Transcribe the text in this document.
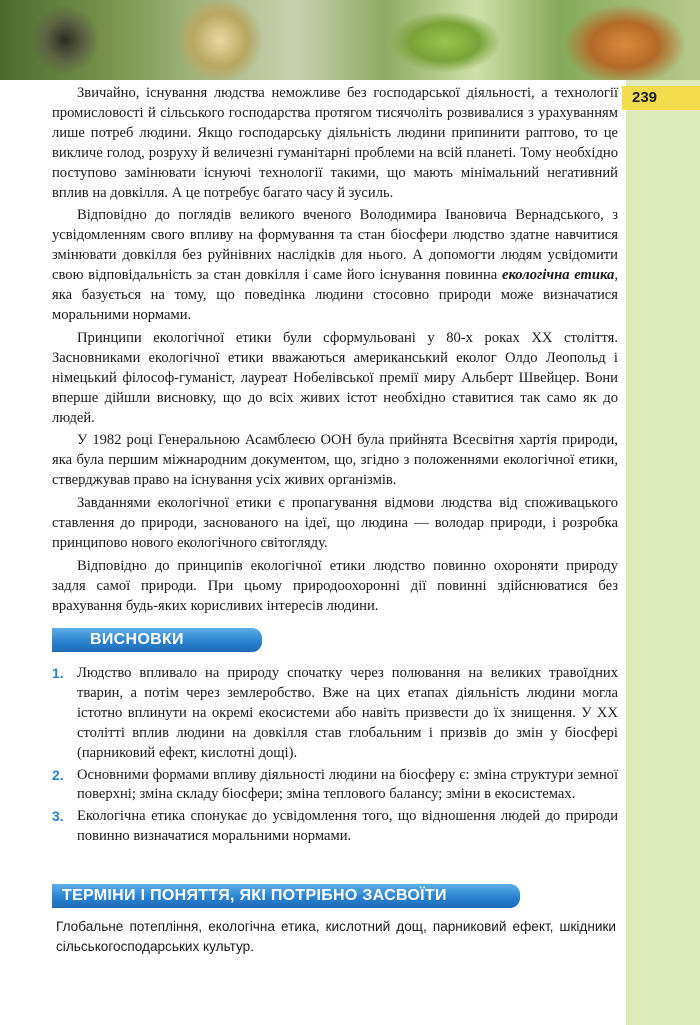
239

Звичайно, існування людства неможливе без господарської діяльності, а технології промисловості й сільського господарства протягом тисячоліть розвивалися з урахуванням лише потреб людини. Якщо господарську діяльність людини припинити раптово, то це викличе голод, розруху й величезні гуманітарні проблеми на всій планеті. Тому необхідно поступово замінювати існуючі технології такими, що мають мінімальний негативний вплив на довкілля. А це потребує багато часу й зусиль.

Відповідно до поглядів великого вченого Володимира Івановича Вернадського, з усвідомленням свого впливу на формування та стан біосфери людство здатне навчитися змінювати довкілля без руйнівних наслідків для нього. А допомогти людям усвідомити свою відповідальність за стан довкілля і саме його існування повинна екологічна етика, яка базується на тому, що поведінка людини стосовно природи може визначатися моральними нормами.

Принципи екологічної етики були сформульовані у 80-х роках ХХ століття. Засновниками екологічної етики вважаються американський еколог Олдо Леопольд і німецький філософ-гуманіст, лауреат Нобелівської премії миру Альберт Швейцер. Вони вперше дійшли висновку, що до всіх живих істот необхідно ставитися так само як до людей.

У 1982 році Генеральною Асамблеєю ООН була прийнята Всесвітня хартія природи, яка була першим міжнародним документом, що, згідно з положеннями екологічної етики, стверджував право на існування усіх живих організмів.

Завданнями екологічної етики є пропагування відмови людства від споживацького ставлення до природи, заснованого на ідеї, що людина — володар природи, і розробка принципово нового екологічного світогляду.

Відповідно до принципів екологічної етики людство повинно охороняти природу задля самої природи. При цьому природоохоронні дії повинні здійснюватися без врахування будь-яких корисливих інтересів людини.

ВИСНОВКИ
1. Людство впливало на природу спочатку через полювання на великих травоїдних тварин, а потім через землеробство. Вже на цих етапах діяльність людини могла істотно вплинути на окремі екосистеми або навіть призвести до їх знищення. У ХХ столітті вплив людини на довкілля став глобальним і призвів до змін у біосфері (парниковий ефект, кислотні дощі).
2. Основними формами впливу діяльності людини на біосферу є: зміна структури земної поверхні; зміна складу біосфери; зміна теплового балансу; зміни в екосистемах.
3. Екологічна етика спонукає до усвідомлення того, що відношення людей до природи повинно визначатися моральними нормами.
ТЕРМІНИ І ПОНЯТТЯ, ЯКІ ПОТРІБНО ЗАСВОЇТИ
Глобальне потепління, екологічна етика, кислотний дощ, парниковий ефект, шкідники сільськогосподарських культур.
